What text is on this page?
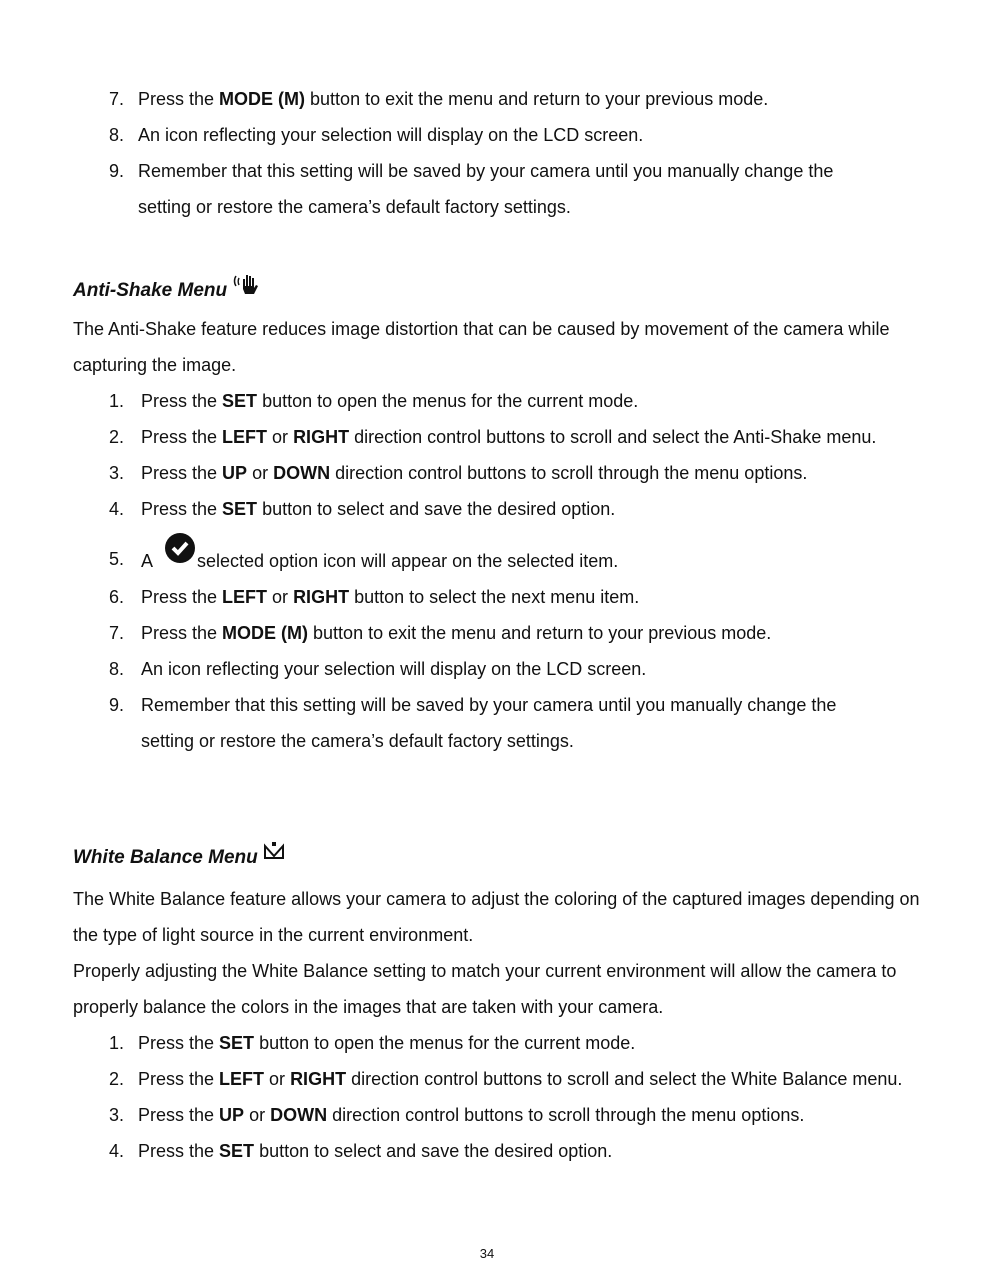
7. Press the MODE (M) button to exit the menu and return to your previous mode.
8. An icon reflecting your selection will display on the LCD screen.
9. Remember that this setting will be saved by your camera until you manually change the setting or restore the camera’s default factory settings.
Anti-Shake Menu
The Anti-Shake feature reduces image distortion that can be caused by movement of the camera while capturing the image.
1. Press the SET button to open the menus for the current mode.
2. Press the LEFT or RIGHT direction control buttons to scroll and select the Anti-Shake menu.
3. Press the UP or DOWN direction control buttons to scroll through the menu options.
4. Press the SET button to select and save the desired option.
5. A selected option icon will appear on the selected item.
6. Press the LEFT or RIGHT button to select the next menu item.
7. Press the MODE (M) button to exit the menu and return to your previous mode.
8. An icon reflecting your selection will display on the LCD screen.
9. Remember that this setting will be saved by your camera until you manually change the setting or restore the camera’s default factory settings.
White Balance Menu
The White Balance feature allows your camera to adjust the coloring of the captured images depending on the type of light source in the current environment.
Properly adjusting the White Balance setting to match your current environment will allow the camera to properly balance the colors in the images that are taken with your camera.
1. Press the SET button to open the menus for the current mode.
2. Press the LEFT or RIGHT direction control buttons to scroll and select the White Balance menu.
3. Press the UP or DOWN direction control buttons to scroll through the menu options.
4. Press the SET button to select and save the desired option.
34
